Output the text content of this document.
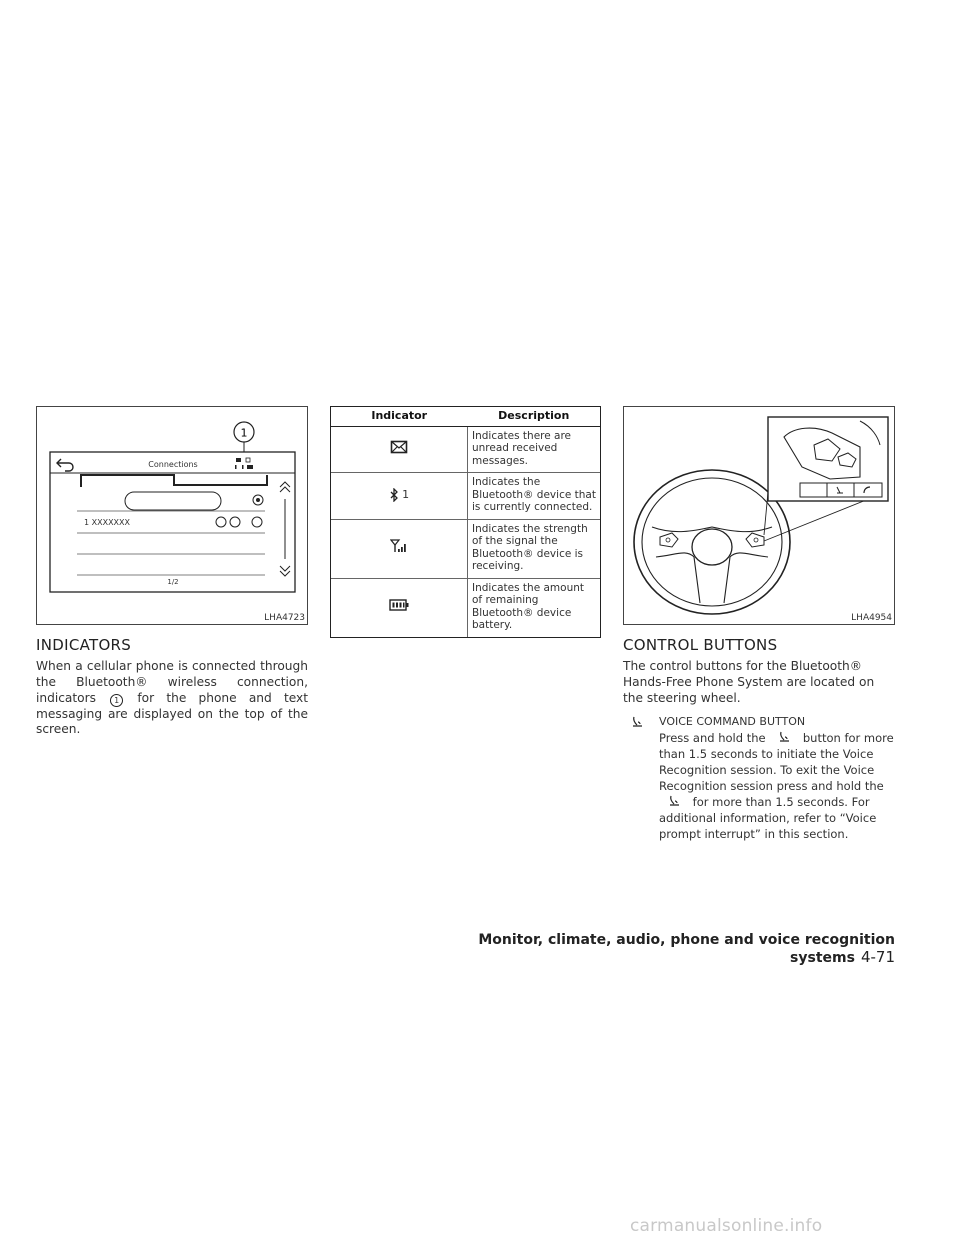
1
Connections
1 XXXXXXX
1/2
LHA4723
INDICATORS
When a cellular phone is connected through the Bluetooth® wireless connection, indicators 1 for the phone and text messaging are displayed on the top of the screen.
Indicator	Description
	Indicates there are unread received messages.
1	Indicates the Bluetooth® device that is currently connected.
	Indicates the strength of the signal the Bluetooth® device is receiving.
	Indicates the amount of remaining Bluetooth® device battery.
LHA4954
CONTROL BUTTONS
The control buttons for the Bluetooth® Hands-Free Phone System are located on the steering wheel.
VOICE COMMAND BUTTON
Press and hold the	button for more than 1.5 seconds to initiate the Voice Recognition session. To exit the Voice Recognition session press and hold the  for more than 1.5 seconds. For additional information, refer to “Voice prompt interrupt” in this section.
Monitor, climate, audio, phone and voice recognition systems 4-71
carmanualsonline.info
